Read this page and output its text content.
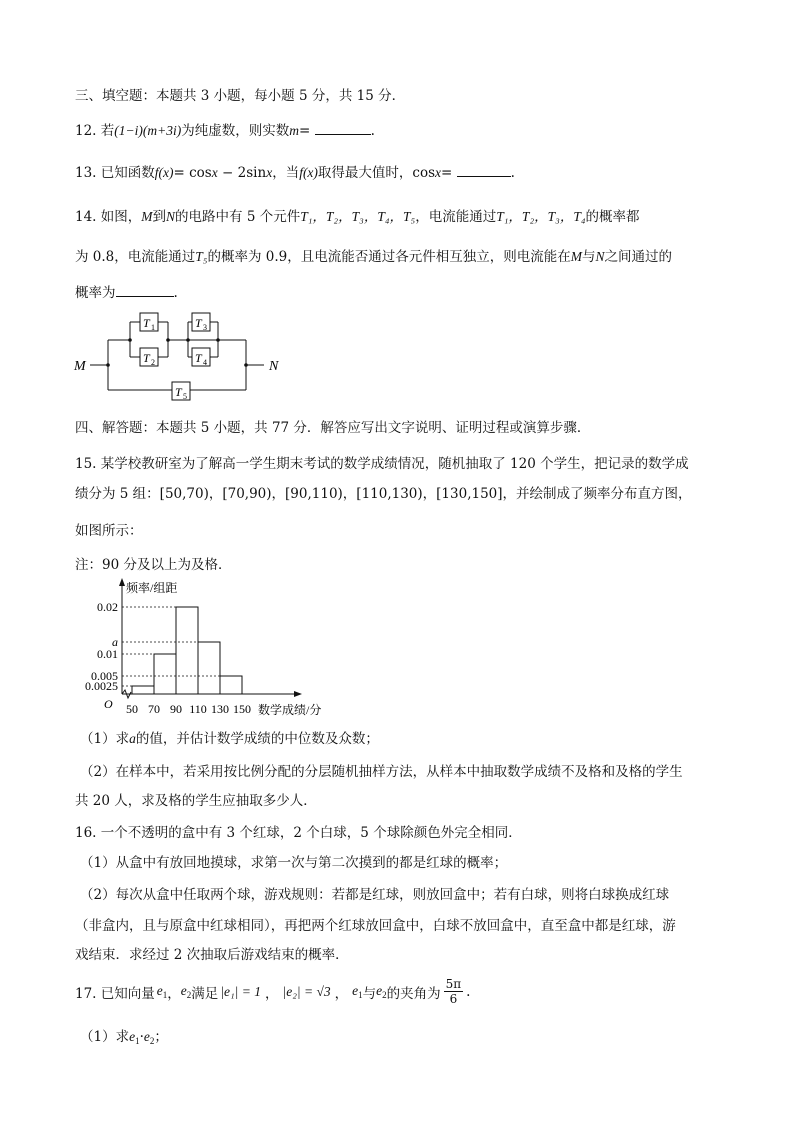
三、填空题：本题共 3 小题，每小题 5 分，共 15 分．
12. 若(1−i)(m+3i)为纯虚数，则实数m=	.
13. 已知函数f(x)= cosx − 2sinx，当f(x)取得最大值时，cosx=	.
14. 如图，M到N的电路中有 5 个元件T₁，T₂，T₃，T₄，T₅，电流能通过T₁，T₂，T₃，T₄的概率都
为 0.8，电流能通过T₅的概率为 0.9，且电流能否通过各元件相互独立，则电流能在M与N之间通过的
概率为	.
M	N
T 1
T 2
T 3
T 4
T 5
四、解答题：本题共 5 小题，共 77 分．解答应写出文字说明、证明过程或演算步骤．
15. 某学校教研室为了解高一学生期末考试的数学成绩情况，随机抽取了 120 个学生，把记录的数学成
绩分为 5 组：[50,70)，[70,90)，[90,110)，[110,130)，[130,150]，并绘制成了频率分布直方图，
如图所示：
注：90 分及以上为及格．
0.0025
0.005
0.01
a
0.02
50 70 90 110 130 150
频率/组距
数学成绩/分
O
（1）求a的值，并估计数学成绩的中位数及众数；
（2）在样本中，若采用按比例分配的分层随机抽样方法，从样本中抽取数学成绩不及格和及格的学生
共 20 人，求及格的学生应抽取多少人．
16. 一个不透明的盒中有 3 个红球，2 个白球，5 个球除颜色外完全相同．
（1）从盒中有放回地摸球，求第一次与第二次摸到的都是红球的概率；
（2）每次从盒中任取两个球，游戏规则：若都是红球，则放回盒中；若有白球，则将白球换成红球
（非盒内，且与原盒中红球相同），再把两个红球放回盒中，白球不放回盒中，直至盒中都是红球，游
戏结束．求经过 2 次抽取后游戏结束的概率．
17. 已知向量 $e_1$ ， $e_2$ 满足 |e₁| = 1 ， |e₂| = √3 ， $e_1$ 与 $e_2$ 的夹角为 $\frac{5\pi}{6}$ .
（1）求$e_1\cdot e_2$；
